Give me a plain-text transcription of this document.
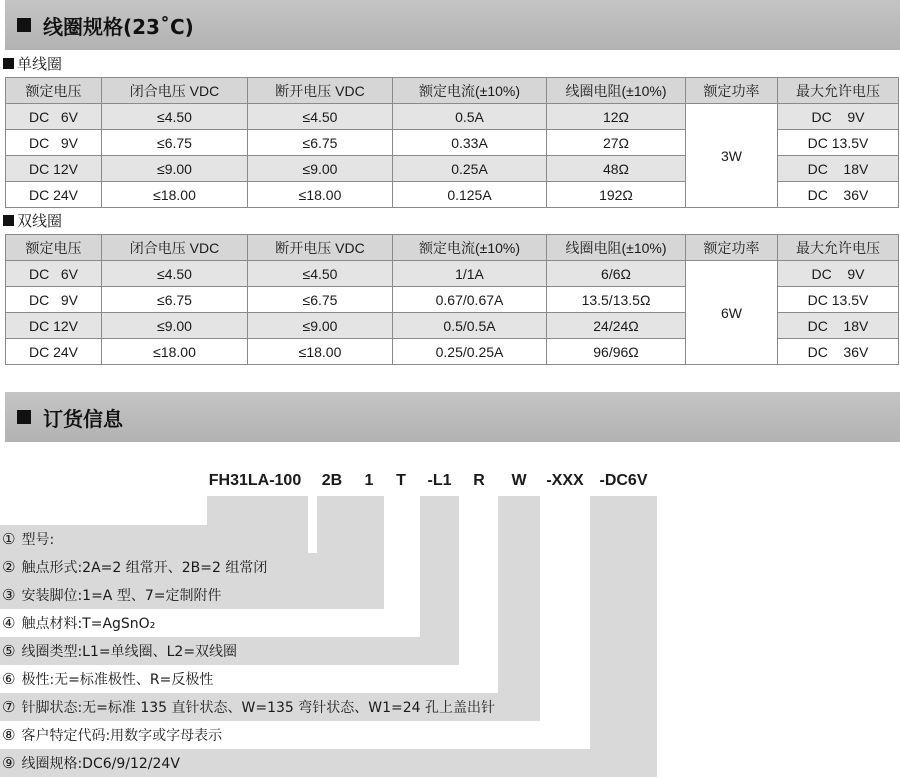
线圈规格(23˚C)
单线圈
额定电压	闭合电压 VDC	断开电压 VDC	额定电流(±10%)	线圈电阻(±10%)	额定功率	最大允许电压
DC   6V	≤4.50	≤4.50	0.5A	12Ω	3W	DC    9V
DC   9V	≤6.75	≤6.75	0.33A	27Ω		DC 13.5V
DC 12V	≤9.00	≤9.00	0.25A	48Ω		DC    18V
DC 24V	≤18.00	≤18.00	0.125A	192Ω		DC    36V
双线圈
额定电压	闭合电压 VDC	断开电压 VDC	额定电流(±10%)	线圈电阻(±10%)	额定功率	最大允许电压
DC   6V	≤4.50	≤4.50	1/1A	6/6Ω	6W	DC    9V
DC   9V	≤6.75	≤6.75	0.67/0.67A	13.5/13.5Ω		DC 13.5V
DC 12V	≤9.00	≤9.00	0.5/0.5A	24/24Ω		DC    18V
DC 24V	≤18.00	≤18.00	0.25/0.25A	96/96Ω		DC    36V
订货信息
FH31LA-100	2B	1	T	-L1	R	W	-XXX -DC6V
① 型号:
② 触点形式:2A=2 组常开、2B=2 组常闭
③ 安装脚位:1=A 型、7=定制附件
④ 触点材料:T=AgSnO₂
⑤ 线圈类型:L1=单线圈、L2=双线圈
⑥ 极性:无=标准极性、R=反极性
⑦ 针脚状态:无=标准 135 直针状态、W=135 弯针状态、W1=24 孔上盖出针
⑧ 客户特定代码:用数字或字母表示
⑨ 线圈规格:DC6/9/12/24V
